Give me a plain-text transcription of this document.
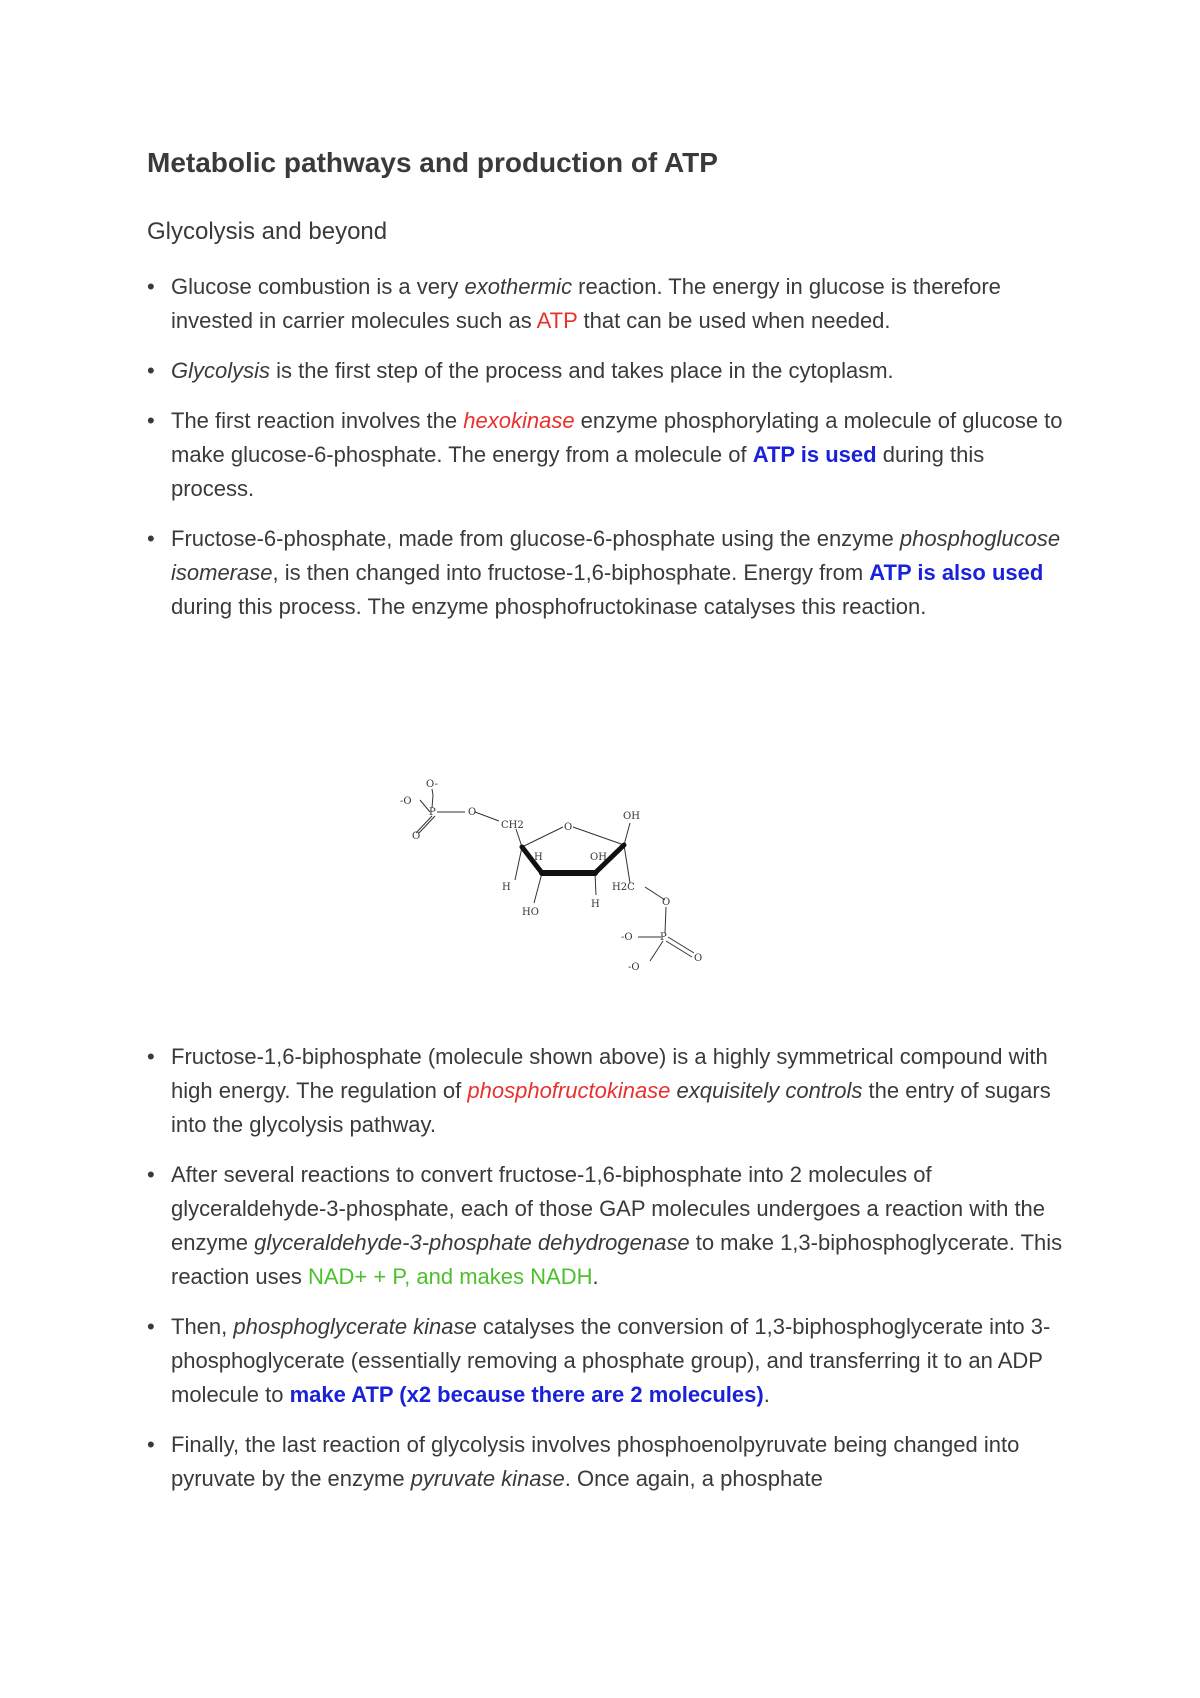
Metabolic pathways and production of ATP
Glycolysis and beyond
• Glucose combustion is a very exothermic reaction. The energy in glucose is therefore invested in carrier molecules such as ATP that can be used when needed.
• Glycolysis is the first step of the process and takes place in the cytoplasm.
• The first reaction involves the hexokinase enzyme phosphorylating a molecule of glucose to make glucose-6-phosphate. The energy from a molecule of ATP is used during this process.
• Fructose-6-phosphate, made from glucose-6-phosphate using the enzyme phosphoglucose isomerase, is then changed into fructose-1,6-biphosphate. Energy from ATP is also used during this process. The enzyme phosphofructokinase catalyses this reaction.
O-
-O
P
O
O
CH2	O
OH
H	OH
H
HO
H
H2C
O
-O	P
O
-O
• Fructose-1,6-biphosphate (molecule shown above) is a highly symmetrical compound with high energy. The regulation of phosphofructokinase exquisitely controls the entry of sugars into the glycolysis pathway.
• After several reactions to convert fructose-1,6-biphosphate into 2 molecules of glyceraldehyde-3-phosphate, each of those GAP molecules undergoes a reaction with the enzyme glyceraldehyde-3-phosphate dehydrogenase to make 1,3-biphosphoglycerate. This reaction uses NAD+ + P, and makes NADH.
• Then, phosphoglycerate kinase catalyses the conversion of 1,3-biphosphoglycerate into 3-phosphoglycerate (essentially removing a phosphate group), and transferring it to an ADP molecule to make ATP (x2 because there are 2 molecules).
• Finally, the last reaction of glycolysis involves phosphoenolpyruvate being changed into pyruvate by the enzyme pyruvate kinase. Once again, a phosphate
